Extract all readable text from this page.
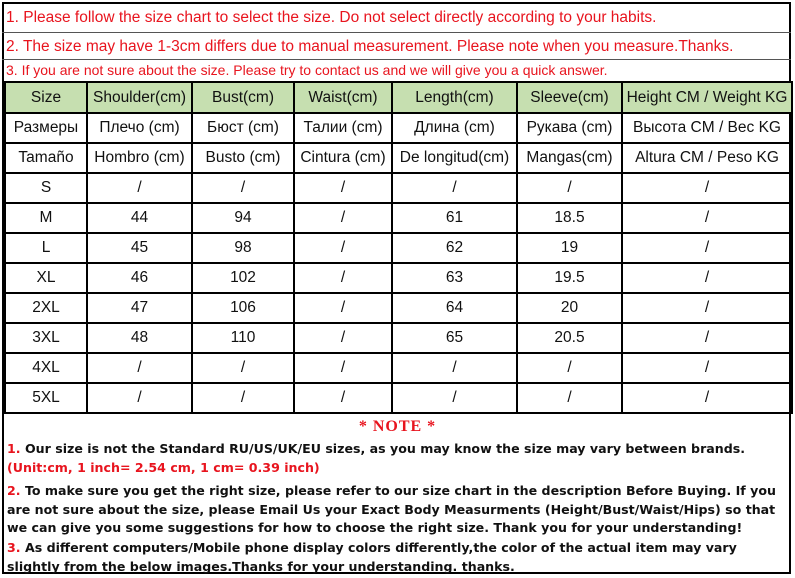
1. Please follow the size chart to select the size. Do not select directly according to your habits.
2. The size may have 1-3cm differs due to manual measurement. Please note when you measure.Thanks.
3. If you are not sure about the size. Please try to contact us and we will give you a quick answer.
Size	Shoulder(cm)	Bust(cm)	Waist(cm)	Length(cm)	Sleeve(cm)	Height CM / Weight KG
Размеры	Плечо (cm)	Бюст (cm)	Талии (cm)	Длина (cm)	Рукава (cm)	Высота CM / Вес KG
Tamaño	Hombro (cm)	Busto (cm)	Cintura (cm)	De longitud(cm)	Mangas(cm)	Altura CM / Peso KG
S	/	/	/	/	/	/
M	44	94	/	61	18.5	/
L	45	98	/	62	19	/
XL	46	102	/	63	19.5	/
2XL	47	106	/	64	20	/
3XL	48	110	/	65	20.5	/
4XL	/	/	/	/	/	/
5XL	/	/	/	/	/	/
* NOTE *
1. Our size is not the Standard RU/US/UK/EU sizes, as you may know the size may vary between brands.
(Unit:cm, 1 inch= 2.54 cm, 1 cm= 0.39 inch)
2. To make sure you get the right size, please refer to our size chart in the description Before Buying. If you are not sure about the size, please Email Us your Exact Body Measurments (Height/Bust/Waist/Hips) so that we can give you some suggestions for how to choose the right size. Thank you for your understanding!
3. As different computers/Mobile phone display colors differently,the color of the actual item may vary slightly from the below images.Thanks for your understanding. thanks.
